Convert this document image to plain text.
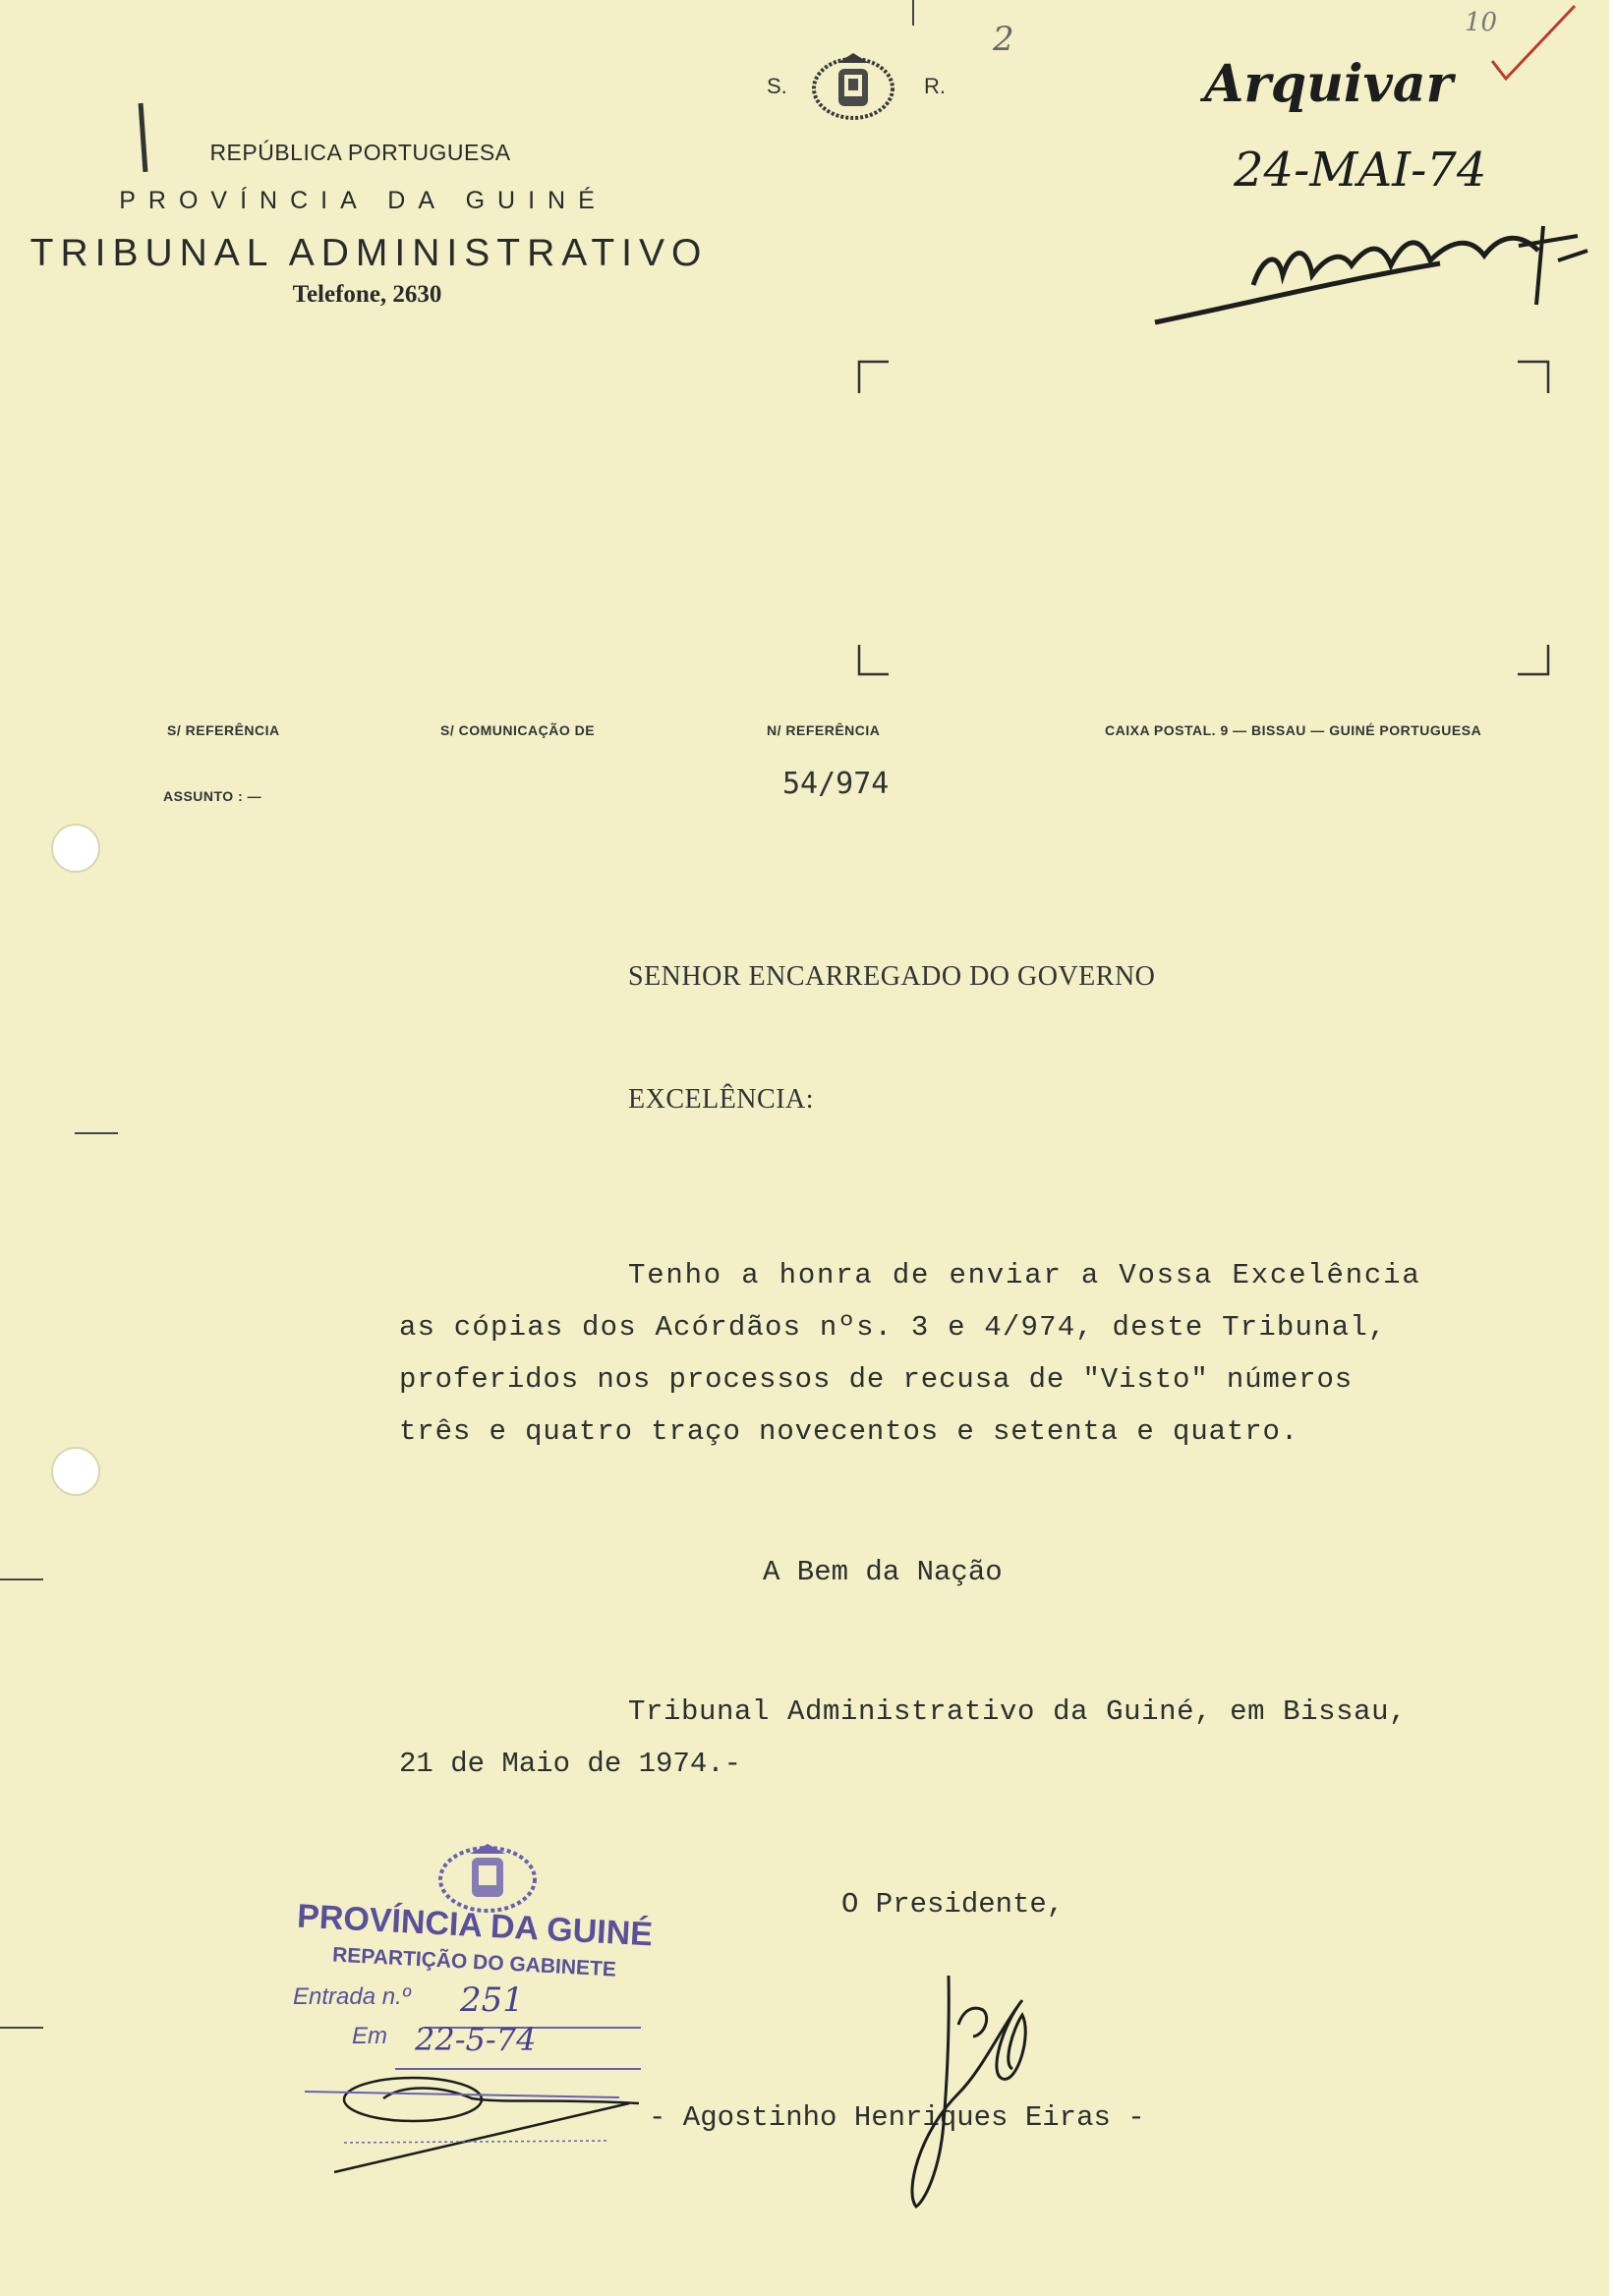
S.	R.
REPÚBLICA PORTUGUESA
PROVÍNCIA DA GUINÉ
TRIBUNAL ADMINISTRATIVO
Telefone, 2630
S/ REFERÊNCIA	S/ COMUNICAÇÃO DE	N/ REFERÊNCIA	CAIXA POSTAL. 9 — BISSAU — GUINÉ PORTUGUESA
ASSUNTO : —	54/974
SENHOR ENCARREGADO DO GOVERNO
EXCELÊNCIA:
Tenho a honra de enviar a Vossa Excelência
as cópias dos Acórdãos nºs. 3 e 4/974, deste Tribunal,
proferidos nos processos de recusa de "Visto" números
três e quatro traço novecentos e setenta e quatro.
A Bem da Nação
Tribunal Administrativo da Guiné, em Bissau,
21 de Maio de 1974.-
O Presidente,
- Agostinho Henriques Eiras -
2	10
Arquivar
24-MAI-74
PROVÍNCIA DA GUINÉ
REPARTIÇÃO DO GABINETE
Entrada n.º 251
Em 22-5-74
